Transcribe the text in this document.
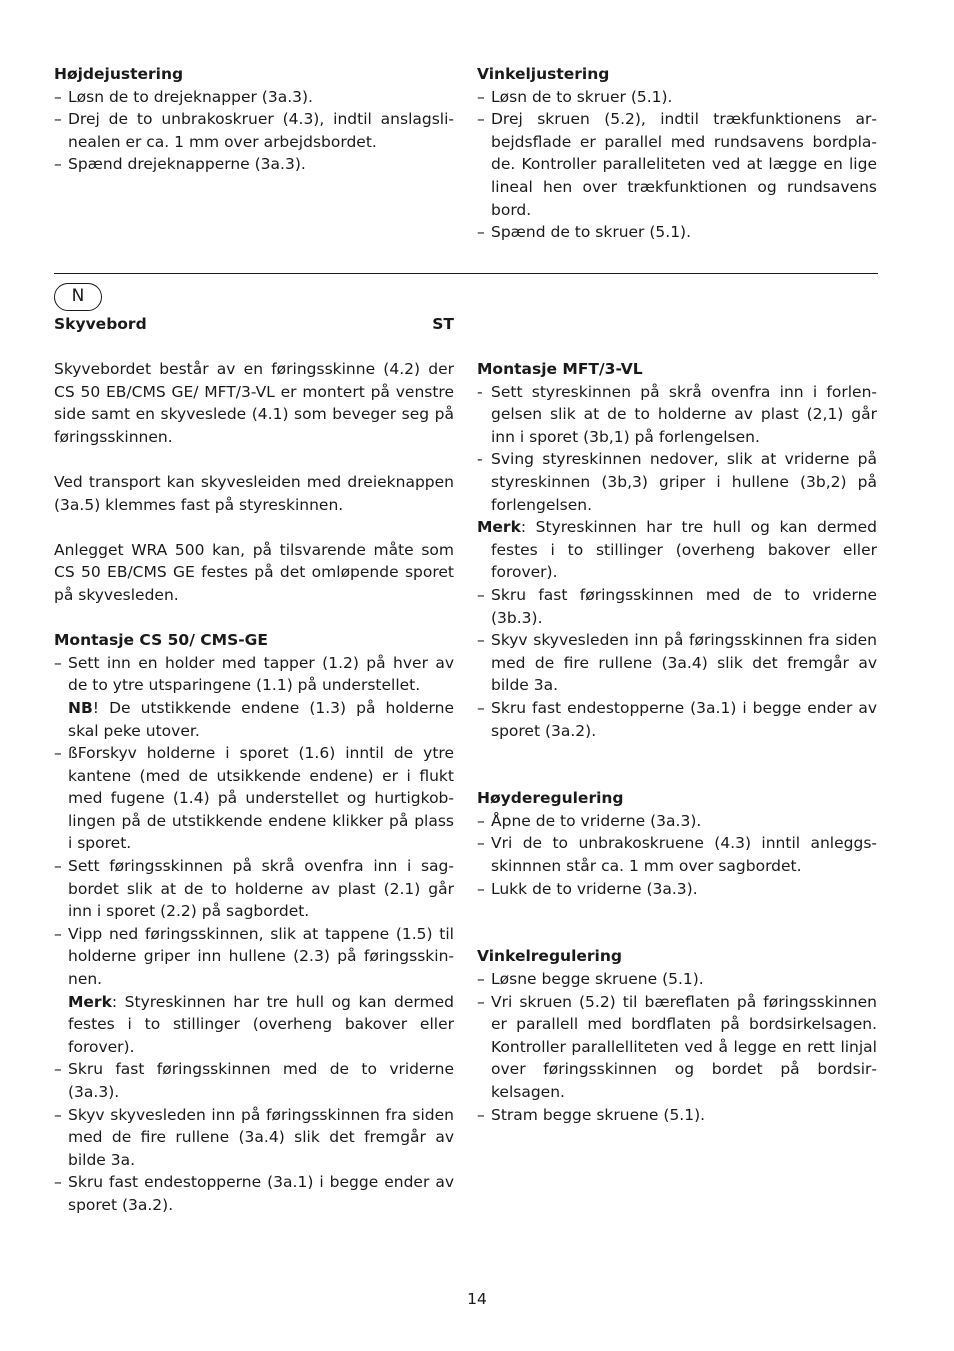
Højdejustering
– Løsn de to drejeknapper (3a.3).
– Drej de to unbrakoskruer (4.3), indtil anslagslinealen er ca. 1 mm over arbejdsbordet.
– Spænd drejeknapperne (3a.3).
Vinkeljustering
– Løsn de to skruer (5.1).
– Drej skruen (5.2), indtil trækfunktionens arbejdsflade er parallel med rundsavens bordplade. Kontroller paralleliteten ved at lægge en lige lineal hen over trækfunktionen og rundsavens bord.
– Spænd de to skruer (5.1).
N
Skyvebord	ST

Skyvebordet består av en føringsskinne (4.2) der CS 50 EB/CMS GE/ MFT/3-VL er montert på venstre side samt en skyveslede (4.1) som beveger seg på føringsskinnen.

Ved transport kan skyvesleiden med dreieknappen (3a.5) klemmes fast på styreskinnen.

Anlegget WRA 500 kan, på tilsvarende måte som CS 50 EB/CMS GE festes på det omløpende sporet på skyvesleden.

Montasje CS 50/ CMS-GE
– Sett inn en holder med tapper (1.2) på hver av de to ytre utsparingene (1.1) på understellet.
NB! De utstikkende endene (1.3) på holderne skal peke utover.
– ßForskyv holderne i sporet (1.6) inntil de ytre kantene (med de utsikkende endene) er i flukt med fugene (1.4) på understellet og hurtigkoblingen på de utstikkende endene klikker på plass i sporet.
– Sett føringsskinnen på skrå ovenfra inn i sagbordet slik at de to holderne av plast (2.1) går inn i sporet (2.2) på sagbordet.
– Vipp ned føringsskinnen, slik at tappene (1.5) til holderne griper inn hullene (2.3) på føringsskinnen.
Merk: Styreskinnen har tre hull og kan dermed festes i to stillinger (overheng bakover eller forover).
– Skru fast føringsskinnen med de to vriderne (3a.3).
– Skyv skyvesleden inn på føringsskinnen fra siden med de fire rullene (3a.4) slik det fremgår av bilde 3a.
– Skru fast endestopperne (3a.1) i begge ender av sporet (3a.2).
Montasje MFT/3-VL
- Sett styreskinnen på skrå ovenfra inn i forlengelsen slik at de to holderne av plast (2,1) går inn i sporet (3b,1) på forlengelsen.
- Sving styreskinnen nedover, slik at vriderne på styreskinnen (3b,3) griper i hullene (3b,2) på forlengelsen.
Merk: Styreskinnen har tre hull og kan dermed festes i to stillinger (overheng bakover eller forover).
– Skru fast føringsskinnen med de to vriderne (3b.3).
– Skyv skyvesleden inn på føringsskinnen fra siden med de fire rullene (3a.4) slik det fremgår av bilde 3a.
– Skru fast endestopperne (3a.1) i begge ender av sporet (3a.2).
Høyderegulering
– Åpne de to vriderne (3a.3).
– Vri de to unbrakoskruene (4.3) inntil anleggsskinnnen står ca. 1 mm over sagbordet.
– Lukk de to vriderne (3a.3).
Vinkelregulering
– Løsne begge skruene (5.1).
– Vri skruen (5.2) til bæreflaten på føringsskinnen er parallell med bordflaten på bordsirkelsagen. Kontroller parallelliteten ved å legge en rett linjal over føringsskinnen og bordet på bordsirkelsagen.
– Stram begge skruene (5.1).
14
